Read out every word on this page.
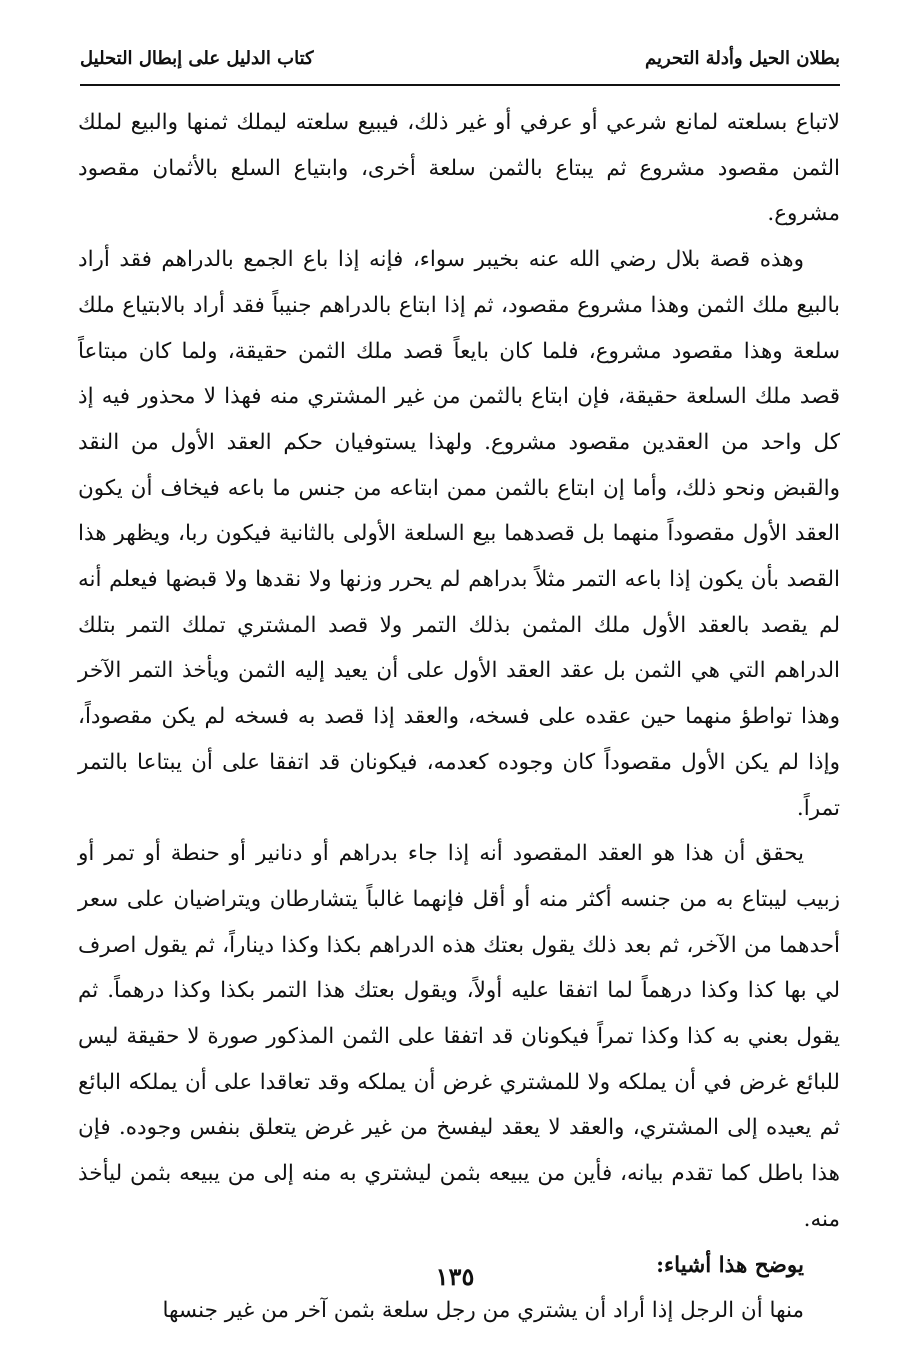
بطلان الحيل وأدلة التحريم
كتاب الدليل على إبطال التحليل

لاتباع بسلعته لمانع شرعي أو عرفي أو غير ذلك، فيبيع سلعته ليملك ثمنها والبيع لملك الثمن مقصود مشروع ثم يبتاع بالثمن سلعة أخرى، وابتياع السلع بالأثمان مقصود مشروع.

وهذه قصة بلال رضي الله عنه بخيبر سواء، فإنه إذا باع الجمع بالدراهم فقد أراد بالبيع ملك الثمن وهذا مشروع مقصود، ثم إذا ابتاع بالدراهم جنيباً فقد أراد بالابتياع ملك سلعة وهذا مقصود مشروع، فلما كان بايعاً قصد ملك الثمن حقيقة، ولما كان مبتاعاً قصد ملك السلعة حقيقة، فإن ابتاع بالثمن من غير المشتري منه فهذا لا محذور فيه إذ كل واحد من العقدين مقصود مشروع. ولهذا يستوفيان حكم العقد الأول من النقد والقبض ونحو ذلك، وأما إن ابتاع بالثمن ممن ابتاعه من جنس ما باعه فيخاف أن يكون العقد الأول مقصوداً منهما بل قصدهما بيع السلعة الأولى بالثانية فيكون ربا، ويظهر هذا القصد بأن يكون إذا باعه التمر مثلاً بدراهم لم يحرر وزنها ولا نقدها ولا قبضها فيعلم أنه لم يقصد بالعقد الأول ملك المثمن بذلك التمر ولا قصد المشتري تملك التمر بتلك الدراهم التي هي الثمن بل عقد العقد الأول على أن يعيد إليه الثمن ويأخذ التمر الآخر وهذا تواطؤ منهما حين عقده على فسخه، والعقد إذا قصد به فسخه لم يكن مقصوداً، وإذا لم يكن الأول مقصوداً كان وجوده كعدمه، فيكونان قد اتفقا على أن يبتاعا بالتمر تمراً.

يحقق أن هذا هو العقد المقصود أنه إذا جاء بدراهم أو دنانير أو حنطة أو تمر أو زبيب ليبتاع به من جنسه أكثر منه أو أقل فإنهما غالباً يتشارطان ويتراضيان على سعر أحدهما من الآخر، ثم بعد ذلك يقول بعتك هذه الدراهم بكذا وكذا ديناراً، ثم يقول اصرف لي بها كذا وكذا درهماً لما اتفقا عليه أولاً، ويقول بعتك هذا التمر بكذا وكذا درهماً. ثم يقول بعني به كذا وكذا تمراً فيكونان قد اتفقا على الثمن المذكور صورة لا حقيقة ليس للبائع غرض في أن يملكه ولا للمشتري غرض أن يملكه وقد تعاقدا على أن يملكه البائع ثم يعيده إلى المشتري، والعقد لا يعقد ليفسخ من غير غرض يتعلق بنفس وجوده. فإن هذا باطل كما تقدم بيانه، فأين من يبيعه بثمن ليشتري به منه إلى من يبيعه بثمن ليأخذ منه.

يوضح هذا أشياء:

منها أن الرجل إذا أراد أن يشتري من رجل سلعة بثمن آخر من غير جنسها

١٣٥
